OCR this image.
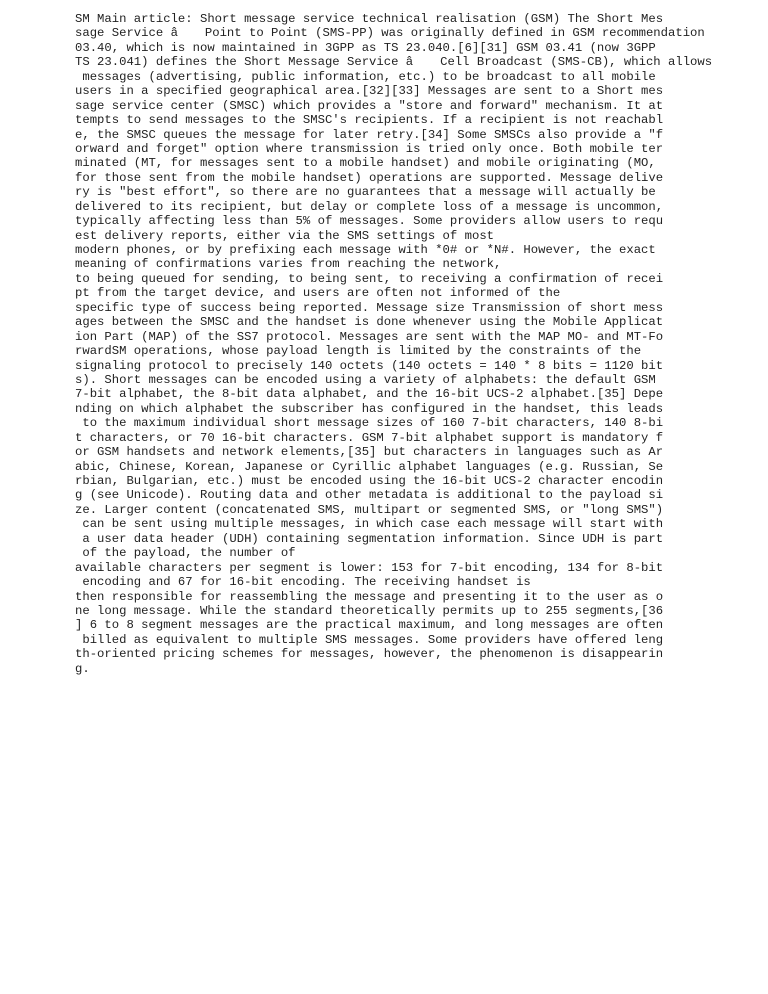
SM Main article: Short message service technical realisation (GSM) The Short Mes
sage Service â Point to Point (SMS-PP) was originally defined in GSM recommendation
03.40, which is now maintained in 3GPP as TS 23.040.[6][31] GSM 03.41 (now 3GPP
TS 23.041) defines the Short Message Service â Cell Broadcast (SMS-CB), which allows
messages (advertising, public information, etc.) to be broadcast to all mobile
users in a specified geographical area.[32][33] Messages are sent to a Short mes
sage service center (SMSC) which provides a "store and forward" mechanism. It at
tempts to send messages to the SMSC's recipients. If a recipient is not reachabl
e, the SMSC queues the message for later retry.[34] Some SMSCs also provide a "f
orward and forget" option where transmission is tried only once. Both mobile ter
minated (MT, for messages sent to a mobile handset) and mobile originating (MO,
for those sent from the mobile handset) operations are supported. Message delive
ry is "best effort", so there are no guarantees that a message will actually be
delivered to its recipient, but delay or complete loss of a message is uncommon,
typically affecting less than 5% of messages. Some providers allow users to requ
est delivery reports, either via the SMS settings of most
modern phones, or by prefixing each message with *0# or *N#. However, the exact
meaning of confirmations varies from reaching the network,
to being queued for sending, to being sent, to receiving a confirmation of recei
pt from the target device, and users are often not informed of the
specific type of success being reported. Message size Transmission of short mess
ages between the SMSC and the handset is done whenever using the Mobile Applicat
ion Part (MAP) of the SS7 protocol. Messages are sent with the MAP MO- and MT-Fo
rwardSM operations, whose payload length is limited by the constraints of the
signaling protocol to precisely 140 octets (140 octets = 140 * 8 bits = 1120 bit
s). Short messages can be encoded using a variety of alphabets: the default GSM
7-bit alphabet, the 8-bit data alphabet, and the 16-bit UCS-2 alphabet.[35] Depe
nding on which alphabet the subscriber has configured in the handset, this leads
to the maximum individual short message sizes of 160 7-bit characters, 140 8-bi
t characters, or 70 16-bit characters. GSM 7-bit alphabet support is mandatory f
or GSM handsets and network elements,[35] but characters in languages such as Ar
abic, Chinese, Korean, Japanese or Cyrillic alphabet languages (e.g. Russian, Se
rbian, Bulgarian, etc.) must be encoded using the 16-bit UCS-2 character encodin
g (see Unicode). Routing data and other metadata is additional to the payload si
ze. Larger content (concatenated SMS, multipart or segmented SMS, or "long SMS")
can be sent using multiple messages, in which case each message will start with
a user data header (UDH) containing segmentation information. Since UDH is part
of the payload, the number of
available characters per segment is lower: 153 for 7-bit encoding, 134 for 8-bit
encoding and 67 for 16-bit encoding. The receiving handset is
then responsible for reassembling the message and presenting it to the user as o
ne long message. While the standard theoretically permits up to 255 segments,[36
] 6 to 8 segment messages are the practical maximum, and long messages are often
billed as equivalent to multiple SMS messages. Some providers have offered leng
th-oriented pricing schemes for messages, however, the phenomenon is disappearin
g.
